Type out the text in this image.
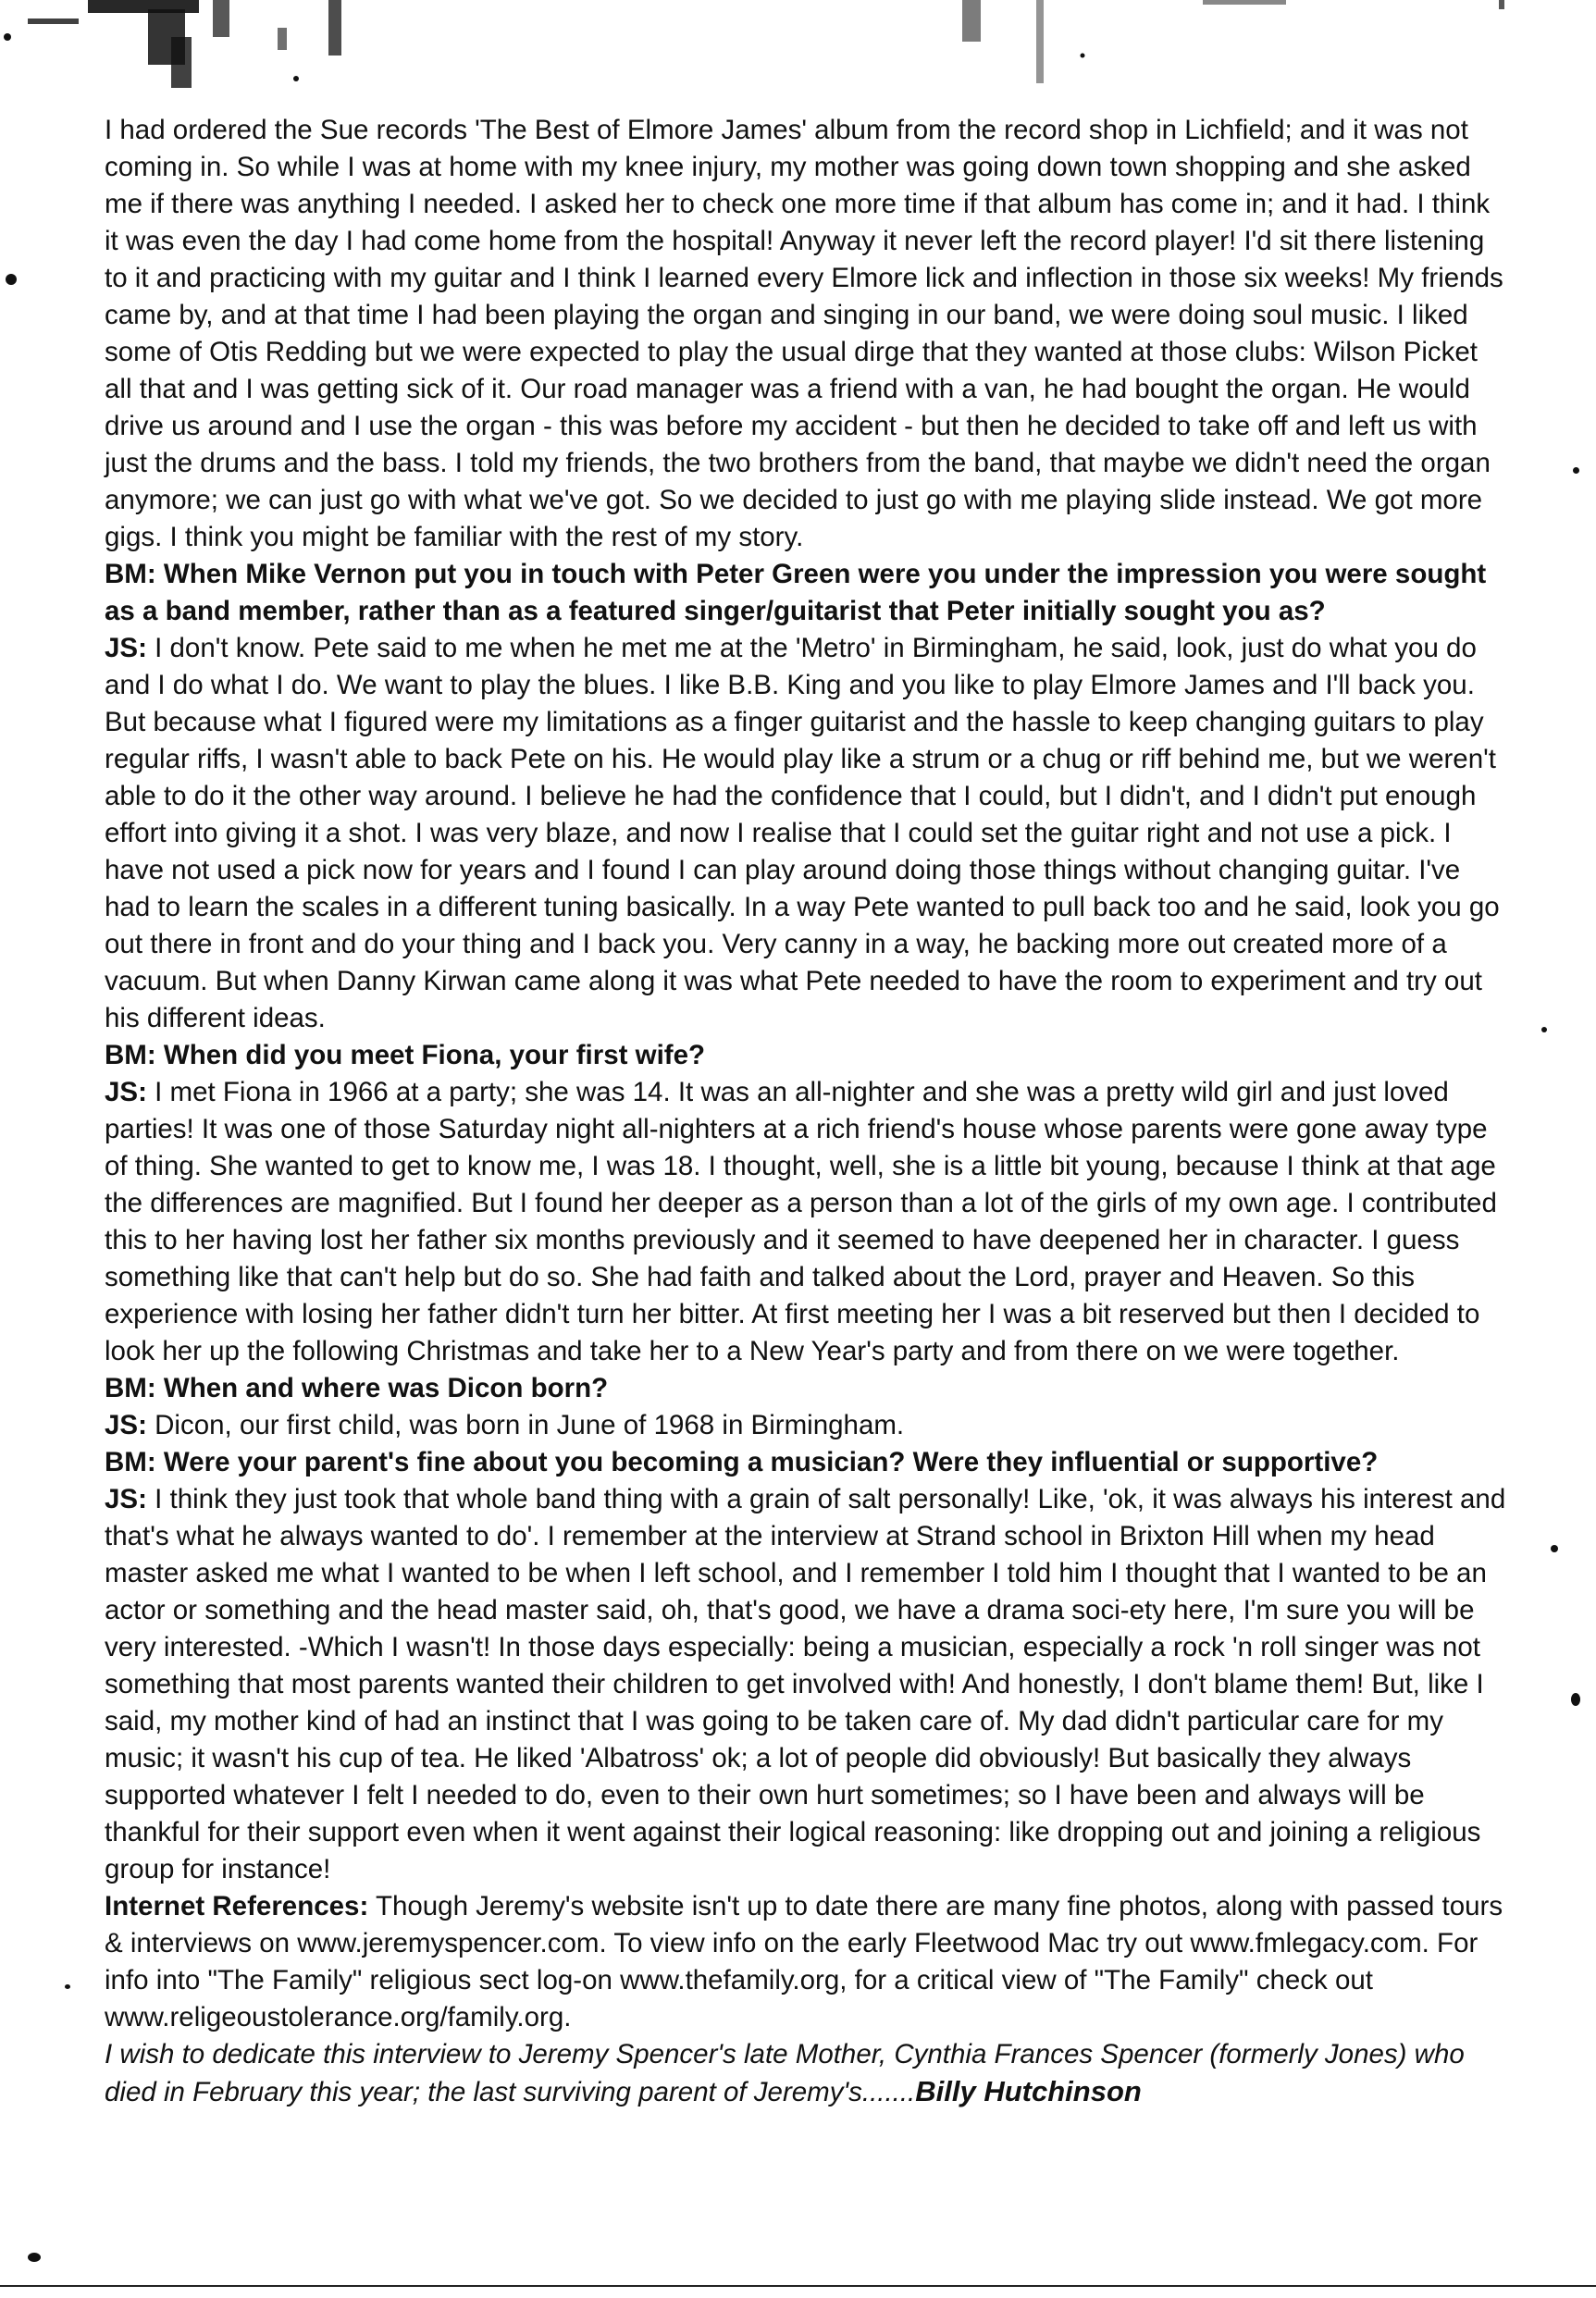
I had ordered the Sue records 'The Best of Elmore James' album from the record shop in Lichfield; and it was not coming in. So while I was at home with my knee injury, my mother was going down town shopping and she asked me if there was anything I needed. I asked her to check one more time if that album has come in; and it had. I think it was even the day I had come home from the hospital! Anyway it never left the record player! I'd sit there listening to it and practicing with my guitar and I think I learned every Elmore lick and inflection in those six weeks! My friends came by, and at that time I had been playing the organ and singing in our band, we were doing soul music. I liked some of Otis Redding but we were expected to play the usual dirge that they wanted at those clubs: Wilson Picket all that and I was getting sick of it. Our road manager was a friend with a van, he had bought the organ. He would drive us around and I use the organ - this was before my accident - but then he decided to take off and left us with just the drums and the bass. I told my friends, the two brothers from the band, that maybe we didn't need the organ anymore; we can just go with what we've got. So we decided to just go with me playing slide instead. We got more gigs. I think you might be familiar with the rest of my story.

BM: When Mike Vernon put you in touch with Peter Green were you under the impression you were sought as a band member, rather than as a featured singer/guitarist that Peter initially sought you as?

JS: I don't know. Pete said to me when he met me at the 'Metro' in Birmingham, he said, look, just do what you do and I do what I do. We want to play the blues. I like B.B. King and you like to play Elmore James and I'll back you. But because what I figured were my limitations as a finger guitarist and the hassle to keep changing guitars to play regular riffs, I wasn't able to back Pete on his. He would play like a strum or a chug or riff behind me, but we weren't able to do it the other way around. I believe he had the confidence that I could, but I didn't, and I didn't put enough effort into giving it a shot. I was very blaze, and now I realise that I could set the guitar right and not use a pick. I have not used a pick now for years and I found I can play around doing those things without changing guitar. I've had to learn the scales in a different tuning basically. In a way Pete wanted to pull back too and he said, look you go out there in front and do your thing and I back you. Very canny in a way, he backing more out created more of a vacuum. But when Danny Kirwan came along it was what Pete needed to have the room to experiment and try out his different ideas.

BM: When did you meet Fiona, your first wife?

JS: I met Fiona in 1966 at a party; she was 14. It was an all-nighter and she was a pretty wild girl and just loved parties! It was one of those Saturday night all-nighters at a rich friend's house whose parents were gone away type of thing. She wanted to get to know me, I was 18. I thought, well, she is a little bit young, because I think at that age the differences are magnified. But I found her deeper as a person than a lot of the girls of my own age. I contributed this to her having lost her father six months previously and it seemed to have deepened her in character. I guess something like that can't help but do so. She had faith and talked about the Lord, prayer and Heaven. So this experience with losing her father didn't turn her bitter. At first meeting her I was a bit reserved but then I decided to look her up the following Christmas and take her to a New Year's party and from there on we were together.

BM: When and where was Dicon born?

JS: Dicon, our first child, was born in June of 1968 in Birmingham.

BM: Were your parent's fine about you becoming a musician? Were they influential or supportive?

JS: I think they just took that whole band thing with a grain of salt personally! Like, 'ok, it was always his interest and that's what he always wanted to do'. I remember at the interview at Strand school in Brixton Hill when my head master asked me what I wanted to be when I left school, and I remember I told him I thought that I wanted to be an actor or something and the head master said, oh, that's good, we have a drama soci-ety here, I'm sure you will be very interested. -Which I wasn't! In those days especially: being a musician, especially a rock 'n roll singer was not something that most parents wanted their children to get involved with! And honestly, I don't blame them! But, like I said, my mother kind of had an instinct that I was going to be taken care of. My dad didn't particular care for my music; it wasn't his cup of tea. He liked 'Albatross' ok; a lot of people did obviously! But basically they always supported whatever I felt I needed to do, even to their own hurt sometimes; so I have been and always will be thankful for their support even when it went against their logical reasoning: like dropping out and joining a religious group for instance!

Internet References: Though Jeremy's website isn't up to date there are many fine photos, along with passed tours & interviews on www.jeremyspencer.com. To view info on the early Fleetwood Mac try out www.fmlegacy.com. For info into "The Family" religious sect log-on www.thefamily.org, for a critical view of "The Family" check out www.religeoustolerance.org/family.org.

I wish to dedicate this interview to Jeremy Spencer's late Mother, Cynthia Frances Spencer (formerly Jones) who died in February this year; the last surviving parent of Jeremy's.......Billy Hutchinson
